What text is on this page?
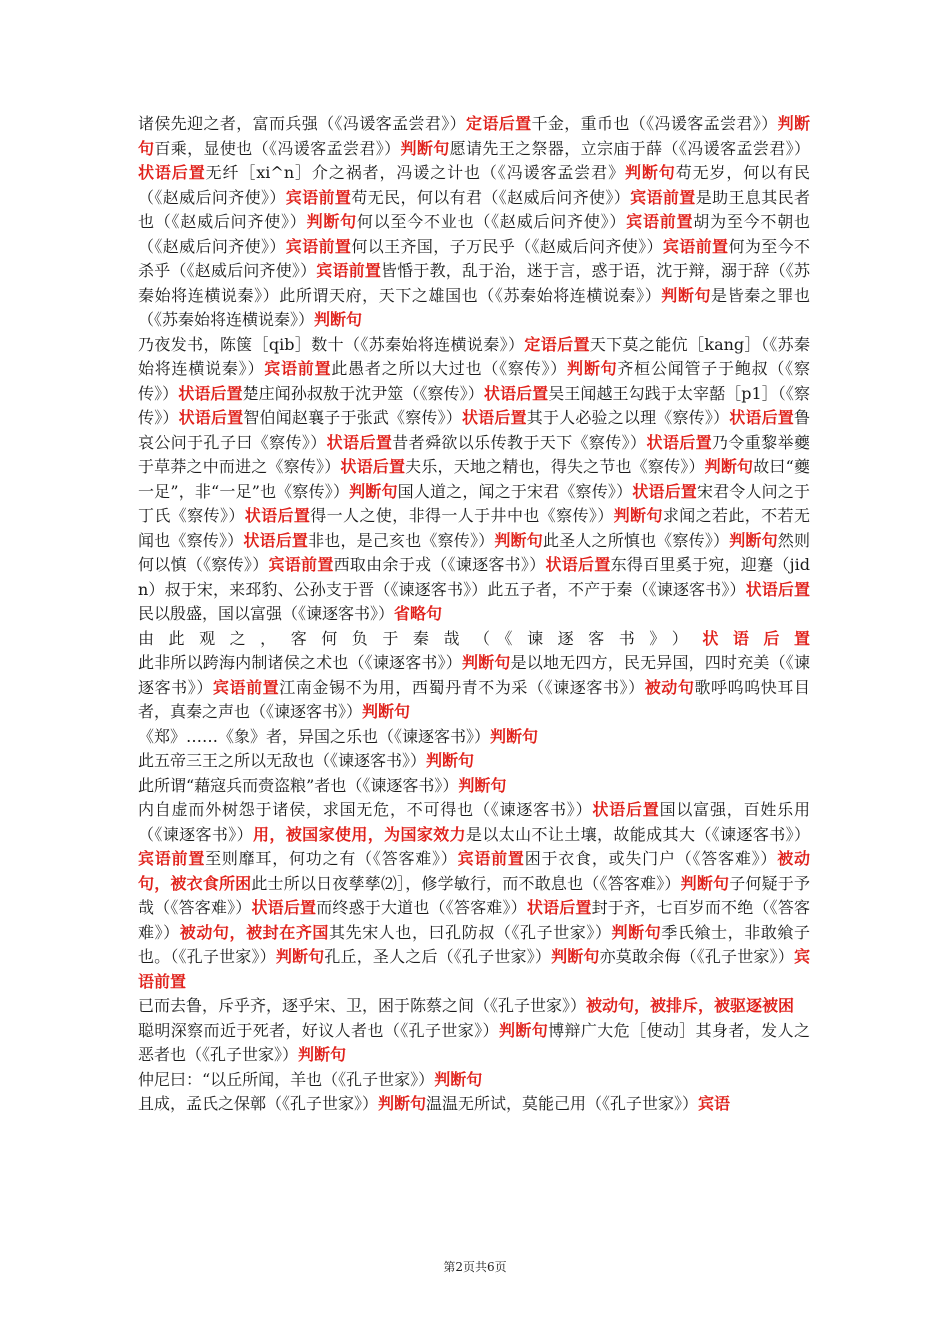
诸侯先迎之者，富而兵强（《冯谖客孟尝君》）定语后置千金，重币也（《冯谖客孟尝君》）判断句百乘，显使也（《冯谖客孟尝君》）判断句愿请先王之祭器，立宗庙于薛（《冯谖客孟尝君》）状语后置无纤［xi^n］介之祸者，冯谖之计也（《冯谖客孟尝君》判断句苟无岁，何以有民（《赵威后问齐使》）宾语前置苟无民，何以有君（《赵威后问齐使》）宾语前置是助王息其民者也（《赵威后问齐使》）判断句何以至今不业也（《赵威后问齐使》）宾语前置胡为至今不朝也（《赵威后问齐使》）宾语前置何以王齐国，子万民乎（《赵威后问齐使》）宾语前置何为至今不杀乎（《赵威后问齐使》）宾语前置皆惛于教，乱于治，迷于言，惑于语，沈于辩，溺于辞（《苏秦始将连横说秦》）此所谓天府，天下之雄国也（《苏秦始将连横说秦》）判断句是皆秦之罪也（《苏秦始将连横说秦》）判断句

乃夜发书，陈箧［qib］数十（《苏秦始将连横说秦》）定语后置天下莫之能伉［kang］（《苏秦始将连横说秦》）宾语前置此愚者之所以大过也（《察传》）判断句齐桓公闻管子于鲍叔（《察传》）状语后置楚庄闻孙叔敖于沈尹筮（《察传》）状语后置吴王闻越王勾践于太宰嚭［p1］（《察传》）状语后置智伯闻赵襄子于张武《察传》）状语后置其于人必验之以理《察传》）状语后置鲁哀公问于孔子曰《察传》）状语后置昔者舜欲以乐传教于天下《察传》）状语后置乃令重黎举夔于草莽之中而进之《察传》）状语后置夫乐，天地之精也，得失之节也《察传》）判断句故曰“夔一足”，非“一足”也《察传》）判断句国人道之，闻之于宋君《察传》）状语后置宋君令人问之于丁氏《察传》）状语后置得一人之使，非得一人于井中也《察传》）判断句求闻之若此，不若无闻也《察传》）状语后置非也，是己亥也《察传》）判断句此圣人之所慎也《察传》）判断句然则何以慎（《察传》）宾语前置西取由余于戎（《谏逐客书》）状语后置东得百里奚于宛，迎蹇（jidn）叔于宋，来邳豹、公孙支于晋（《谏逐客书》）此五子者，不产于秦（《谏逐客书》）状语后置民以殷盛，国以富强（《谏逐客书》）省略句

由此观之，客何负于秦哉（《谏逐客书》）状语后置此非所以跨海内制诸侯之术也（《谏逐客书》）判断句是以地无四方，民无异国，四时充美（《谏逐客书》）宾语前置江南金锡不为用，西蜀丹青不为采（《谏逐客书》）被动句歌呼呜呜快耳目者，真秦之声也（《谏逐客书》）判断句

《郑》……《象》者，异国之乐也（《谏逐客书》）判断句

此五帝三王之所以无敌也（《谏逐客书》）判断句

此所谓“藉寇兵而赍盗粮”者也（《谏逐客书》）判断句

内自虚而外树怨于诸侯，求国无危，不可得也（《谏逐客书》）状语后置国以富强，百姓乐用（《谏逐客书》）用，被国家使用，为国家效力是以太山不让土壤，故能成其大（《谏逐客书》）宾语前置至则靡耳，何功之有（《答客难》）宾语前置困于衣食，或失门户（《答客难》）被动句，被衣食所困此士所以日夜孳孳⑵］，修学敏行，而不敢息也（《答客难》）判断句子何疑于予哉（《答客难》）状语后置而终惑于大道也（《答客难》）状语后置封于齐，七百岁而不绝（《答客难》）被动句，被封在齐国其先宋人也，曰孔防叔（《孔子世家》）判断句季氏飨士，非敢飨子也。（《孔子世家》）判断句孔丘，圣人之后（《孔子世家》）判断句亦莫敢余侮（《孔子世家》）宾语前置

已而去鲁，斥乎齐，逐乎宋、卫，困于陈蔡之间（《孔子世家》）被动句，被排斥，被驱逐被困

聪明深察而近于死者，好议人者也（《孔子世家》）判断句博辩广大危［使动］其身者，发人之恶者也（《孔子世家》）判断句

仲尼曰：“以丘所闻，羊也（《孔子世家》）判断句

且成，孟氏之保鄣（《孔子世家》）判断句温温无所试，莫能己用（《孔子世家》）宾语

第2页共6页
